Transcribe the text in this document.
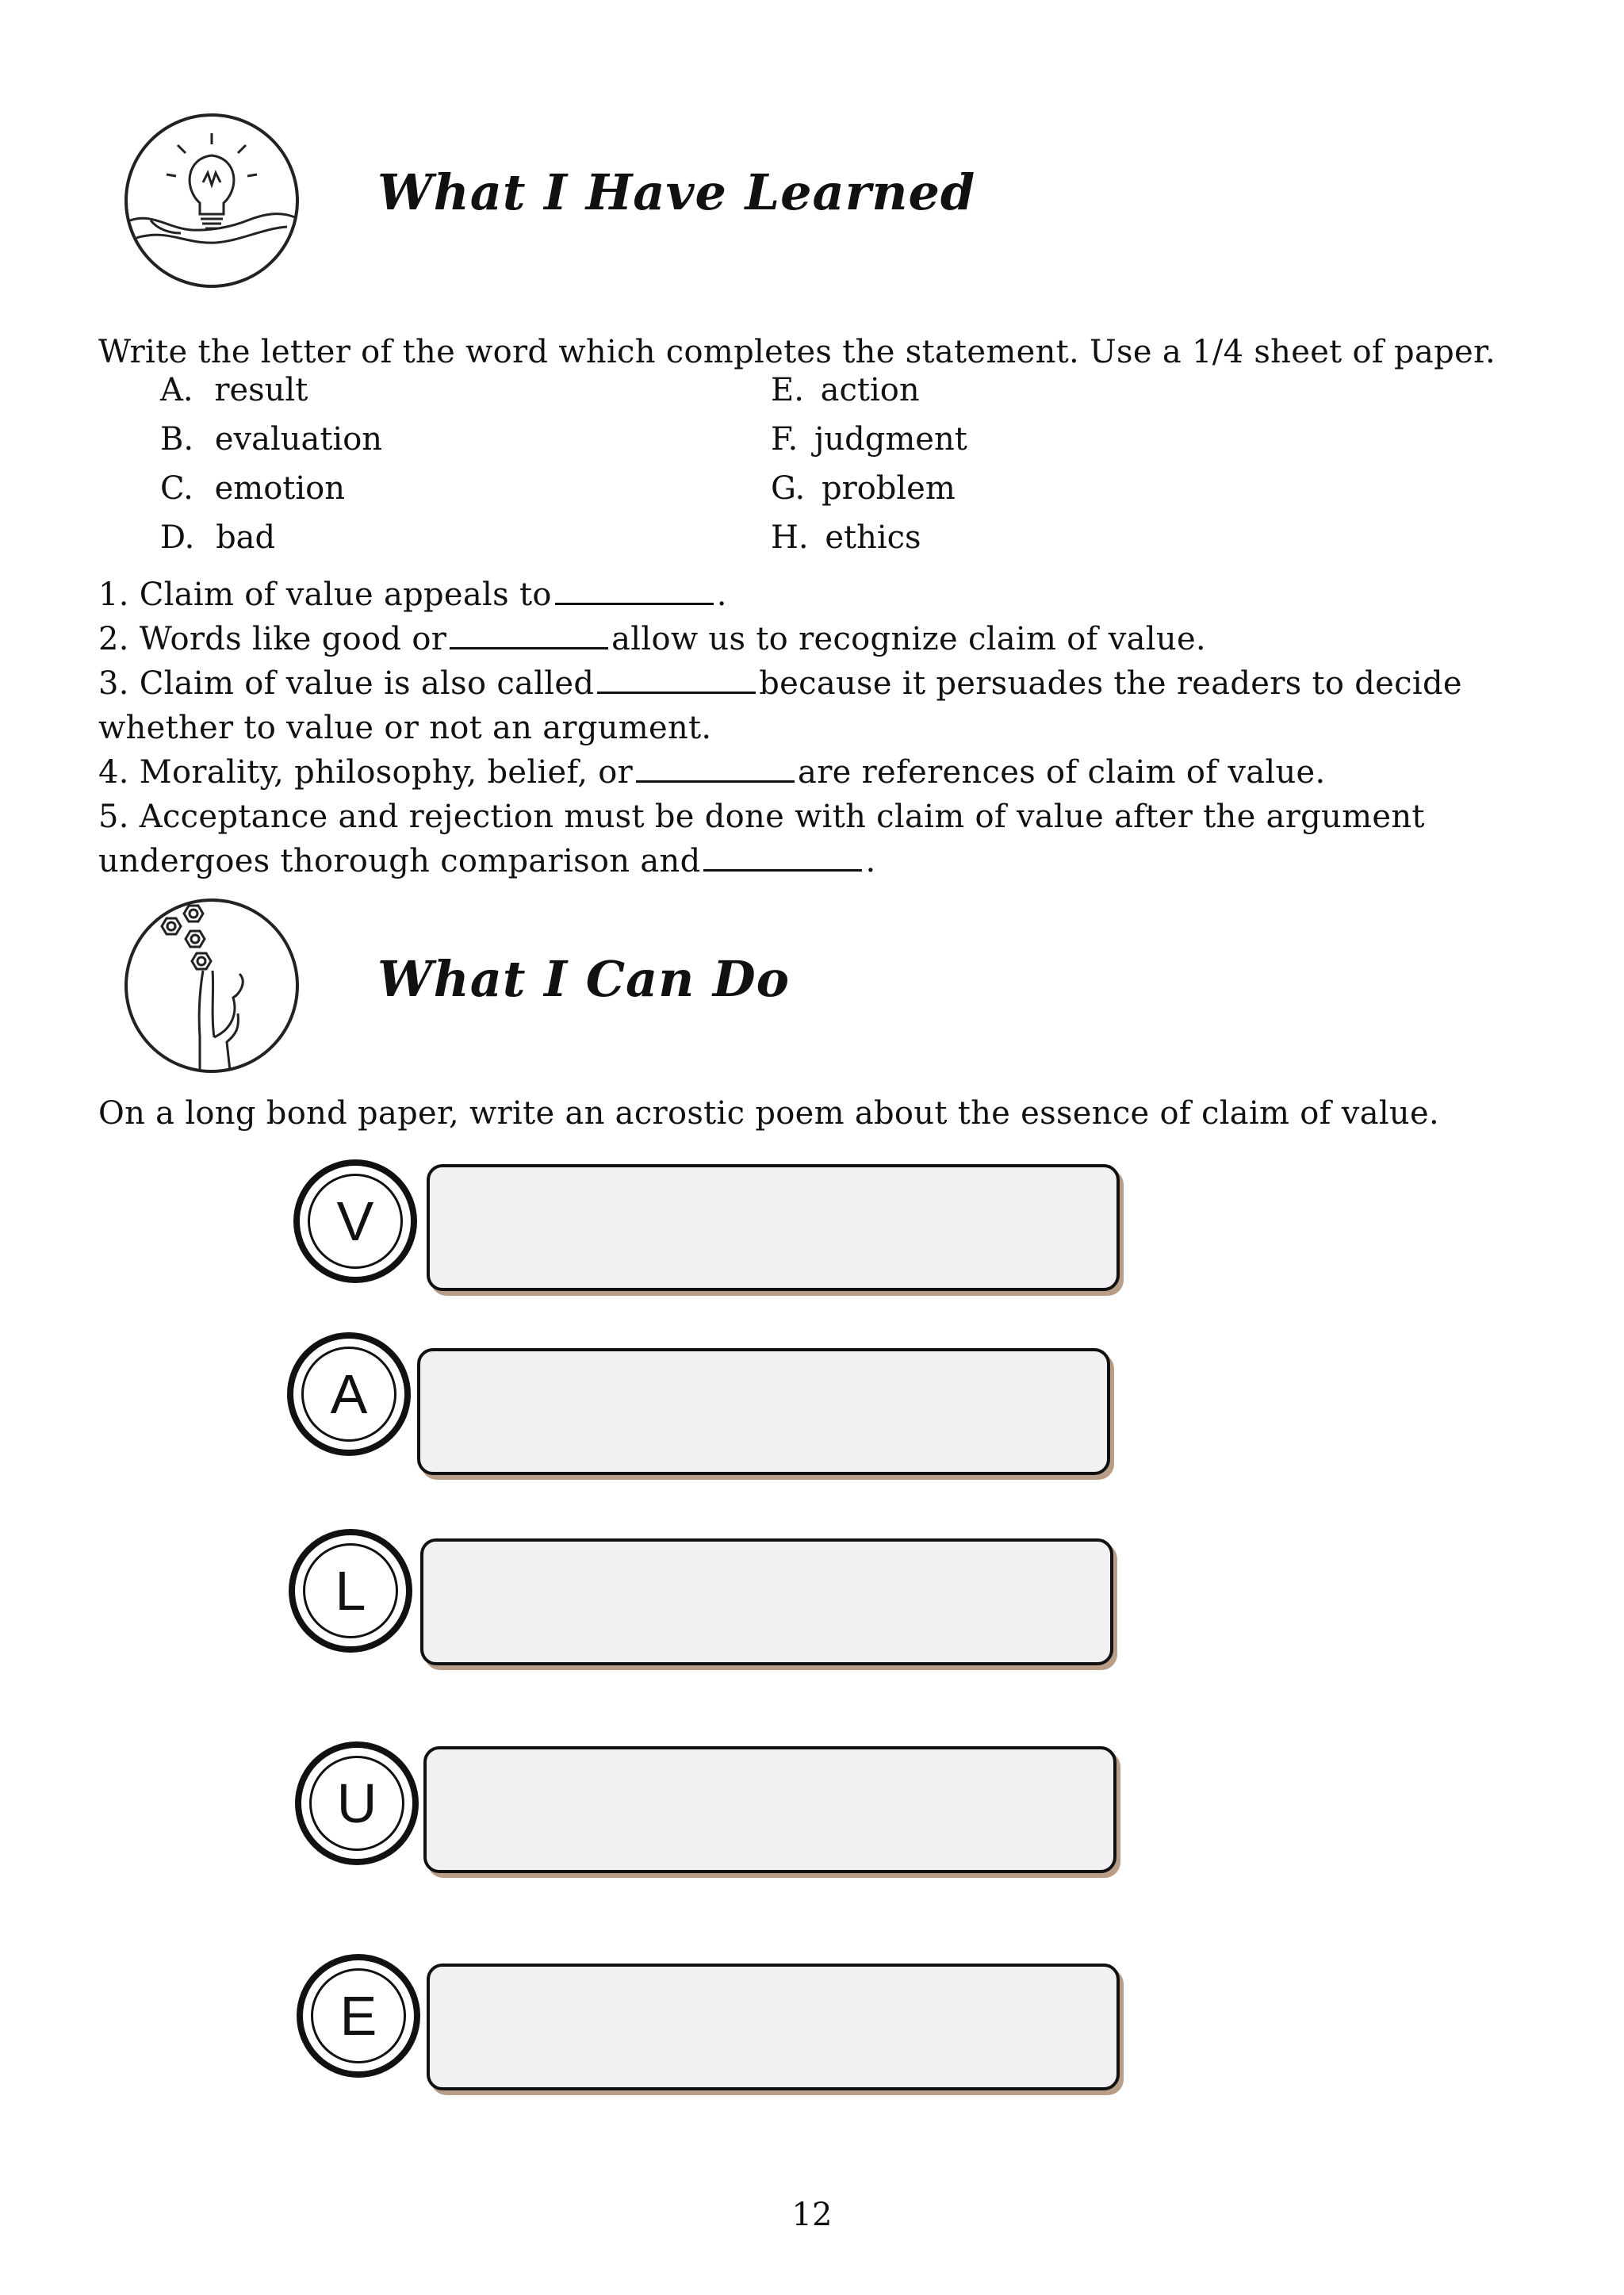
What I Have Learned

Write the letter of the word which completes the statement. Use a 1/4 sheet of paper.

A. result
B. evaluation
C. emotion
D. bad
E. action
F. judgment
G. problem
H. ethics

1. Claim of value appeals to	.

2. Words like good or	allow us to recognize claim of value.

3. Claim of value is also called	because it persuades the readers to decide whether to value or not an argument.

4. Morality, philosophy, belief, or	are references of claim of value.

5. Acceptance and rejection must be done with claim of value after the argument undergoes thorough comparison and	.

What I Can Do

On a long bond paper, write an acrostic poem about the essence of claim of value.

V
A
L
U
E

12
